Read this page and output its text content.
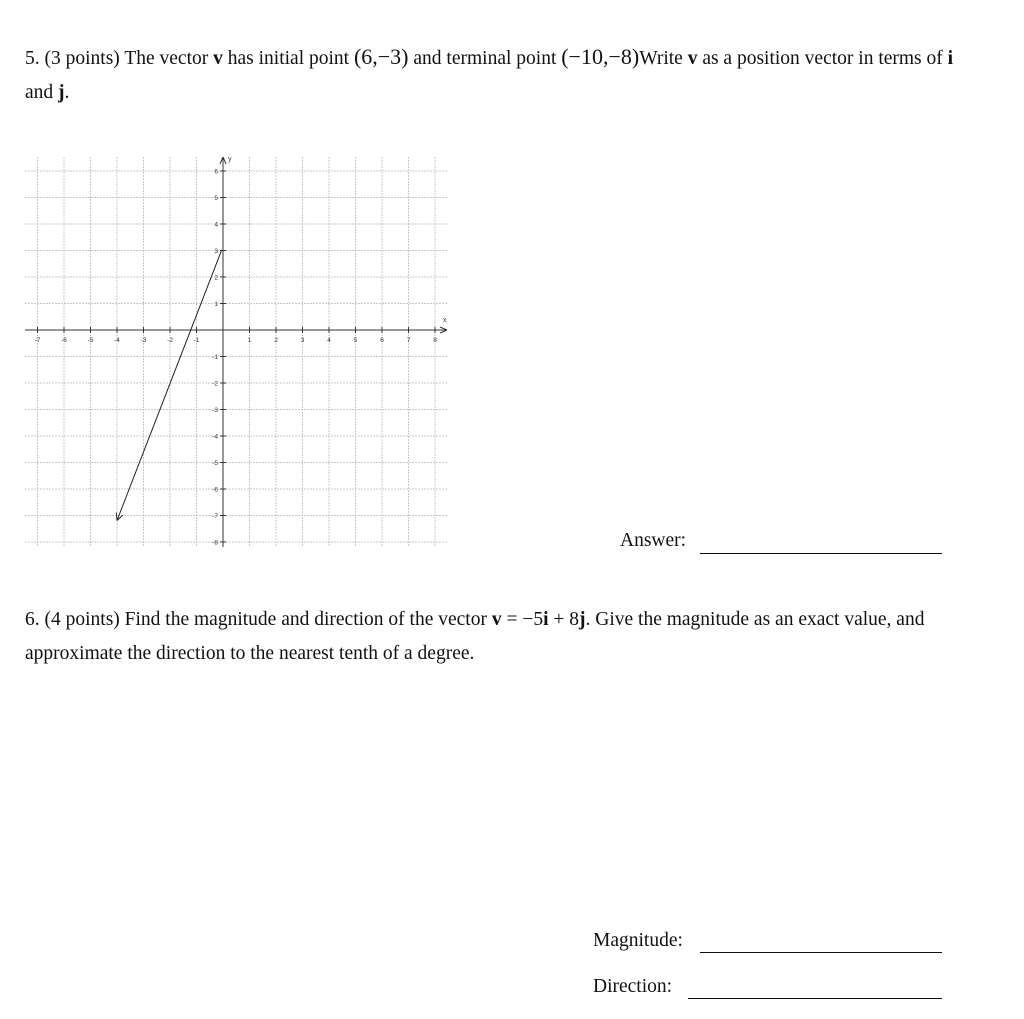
5. (3 points) The vector v has initial point (6,−3) and terminal point (−10,−8)Write v as a position vector in terms of i and j.
x
y
-7	-6	-5	-4	-3	-2	-1	1	2	3	4	5	6	7	8
6
5
4
3
2
1
-1
-2
-3
-4
-5
-6
-7
-8	Answer:
6. (4 points) Find the magnitude and direction of the vector v = −5i + 8j. Give the magnitude as an exact value, and approximate the direction to the nearest tenth of a degree.
Magnitude:
Direction:
